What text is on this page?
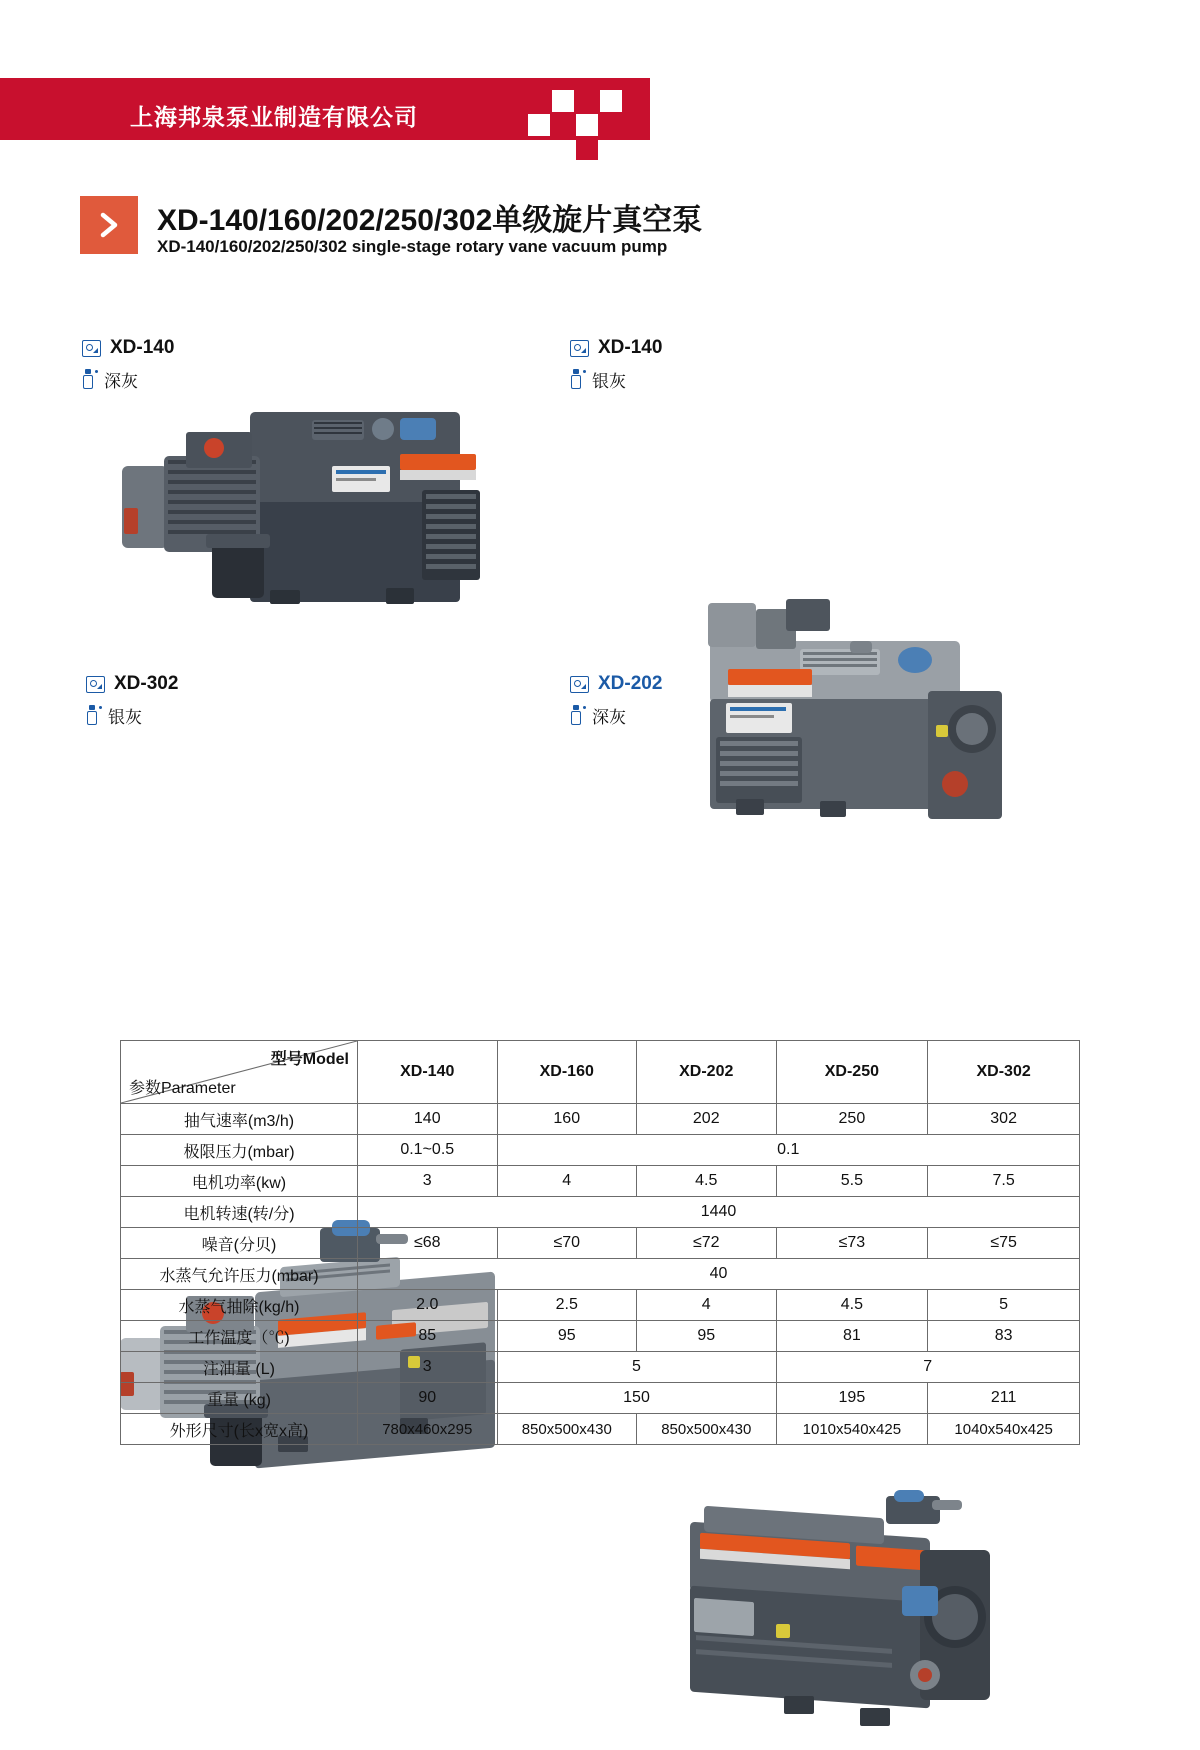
上海邦泉泵业制造有限公司
XD-140/160/202/250/302单级旋片真空泵
XD-140/160/202/250/302 single-stage rotary vane vacuum pump
XD-140
深灰
XD-140
银灰
XD-302
银灰
XD-202
深灰
型号Model
参数Parameter	XD-140	XD-160	XD-202	XD-250	XD-302
抽气速率(m3/h)	140	160	202	250	302
极限压力(mbar)	0.1~0.5	0.1			
电机功率(kw)	3	4	4.5	5.5	7.5
电机转速(转/分)	1440				
噪音(分贝)	≤68	≤70	≤72	≤73	≤75
水蒸气允许压力(mbar)	40				
水蒸气抽除(kg/h)	2.0	2.5	4	4.5	5
工作温度（℃)	85	95	95	81	83
注油量 (L)	3	5		7	
重量 (kg)	90	150		195	211
外形尺寸(长x宽x高)	780x460x295	850x500x430	850x500x430	1010x540x425	1040x540x425
